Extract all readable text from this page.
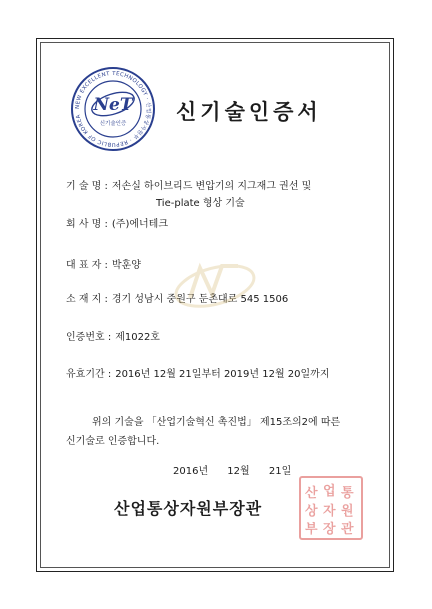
NEW EXCELLENT TECHNOLOGY · 산업통상자원부 · REPUBLIC OF KOREA
NeT
신기술인증 신기술인증서
기 술 명 : 저손실 하이브리드 변압기의 지그재그 권선 및
Tie-plate 형상 기술
회 사 명 : (주)에너테크
대 표 자 : 박훈양
소 재 지 : 경기 성남시 중원구 둔촌대로 545 1506
인증번호 : 제1022호
유효기간 : 2016년 12월 21일부터 2019년 12월 20일까지
위의 기술을 「산업기술혁신 촉진법」 제15조의2에 따른
신기술로 인증합니다.
2016년 12월 21일
산업통상자원부장관
산 업 통
상 자 원
부 장 관
